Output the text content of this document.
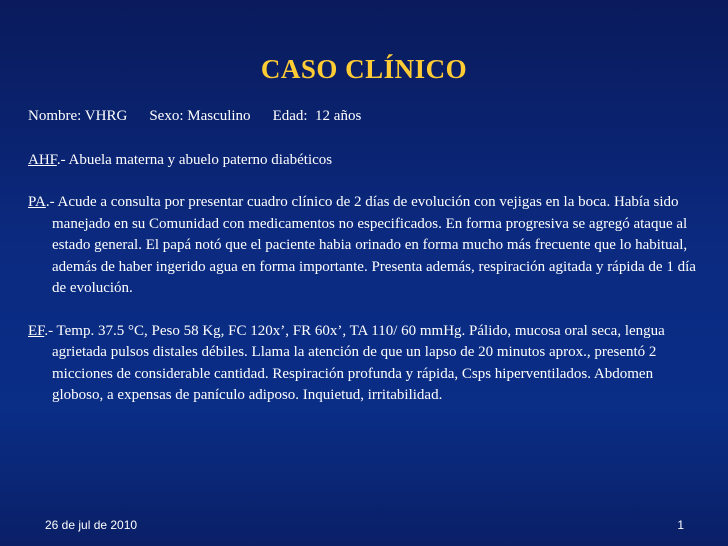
CASO CLÍNICO

Nombre: VHRG Sexo: Masculino Edad:  12 años

AHF.- Abuela materna y abuelo paterno diabéticos

PA.- Acude a consulta por presentar cuadro clínico de 2 días de evolución con vejigas en la boca. Había sido manejado en su Comunidad con medicamentos no especificados. En forma progresiva se agregó ataque al estado general. El papá notó que el paciente habia orinado en forma mucho más frecuente que lo habitual, además de haber ingerido agua en forma importante. Presenta además, respiración agitada y rápida de 1 día de evolución.

EF.- Temp. 37.5 °C, Peso 58 Kg, FC 120x’, FR 60x’, TA 110/ 60 mmHg. Pálido, mucosa oral seca, lengua agrietada pulsos distales débiles. Llama la atención de que un lapso de 20 minutos aprox., presentó 2 micciones de considerable cantidad. Respiración profunda y rápida, Csps hiperventilados. Abdomen globoso, a expensas de panículo adiposo. Inquietud, irritabilidad.

26 de jul de 2010	1
